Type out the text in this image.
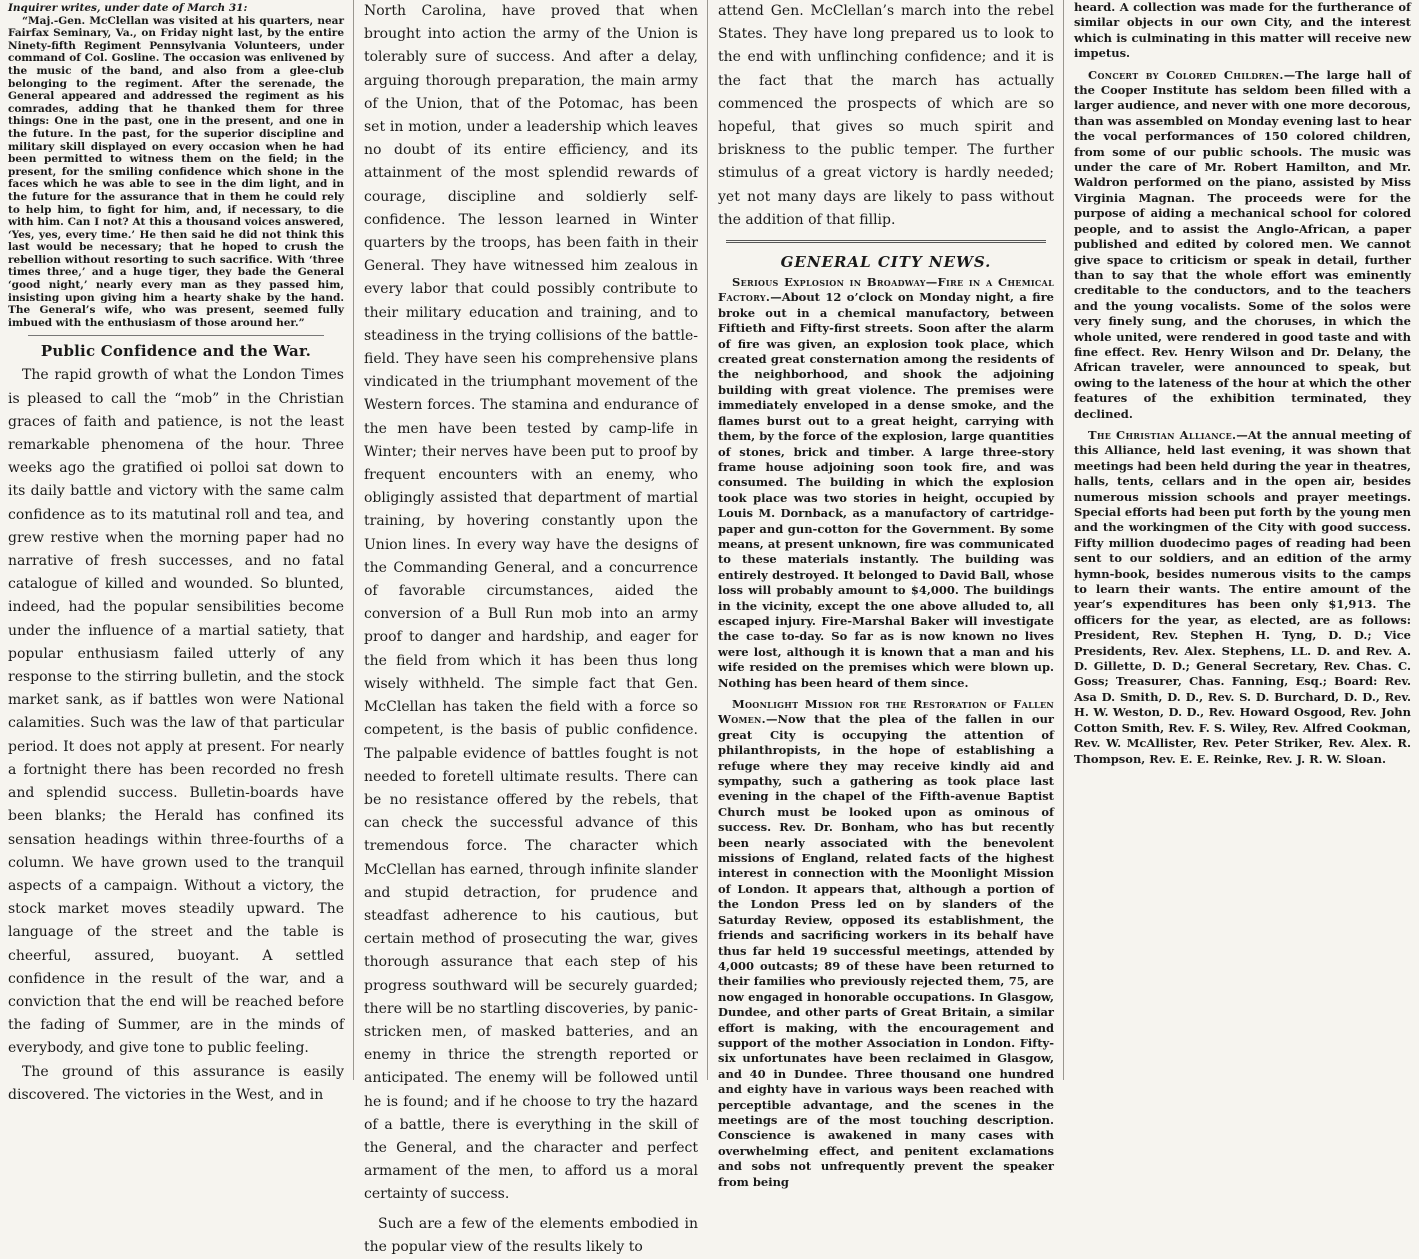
Inquirer writes, under date of March 31:

“Maj.-Gen. McClellan was visited at his quarters, near Fairfax Seminary, Va., on Friday night last, by the entire Ninety-fifth Regiment Pennsylvania Volunteers, under command of Col. Gosline. The occasion was enlivened by the music of the band, and also from a glee-club belonging to the regiment. After the serenade, the General appeared and addressed the regiment as his comrades, adding that he thanked them for three things: One in the past, one in the present, and one in the future. In the past, for the superior discipline and military skill displayed on every occasion when he had been permitted to witness them on the field; in the present, for the smiling confidence which shone in the faces which he was able to see in the dim light, and in the future for the assurance that in them he could rely to help him, to fight for him, and, if necessary, to die with him. Can I not? At this a thousand voices answered, ‘Yes, yes, every time.’ He then said he did not think this last would be necessary; that he hoped to crush the rebellion without resorting to such sacrifice. With ‘three times three,’ and a huge tiger, they bade the General ‘good night,’ nearly every man as they passed him, insisting upon giving him a hearty shake by the hand. The General’s wife, who was present, seemed fully imbued with the enthusiasm of those around her.”

Public Confidence and the War.

The rapid growth of what the London Times is pleased to call the “mob” in the Christian graces of faith and patience, is not the least remarkable phenomena of the hour. Three weeks ago the gratified oi polloi sat down to its daily battle and victory with the same calm confidence as to its matutinal roll and tea, and grew restive when the morning paper had no narrative of fresh successes, and no fatal catalogue of killed and wounded. So blunted, indeed, had the popular sensibilities become under the influence of a martial satiety, that popular enthusiasm failed utterly of any response to the stirring bulletin, and the stock market sank, as if battles won were National calamities. Such was the law of that particular period. It does not apply at present. For nearly a fortnight there has been recorded no fresh and splendid success. Bulletin-boards have been blanks; the Herald has confined its sensation headings within three-fourths of a column. We have grown used to the tranquil aspects of a campaign. Without a victory, the stock market moves steadily upward. The language of the street and the table is cheerful, assured, buoyant. A settled confidence in the result of the war, and a conviction that the end will be reached before the fading of Summer, are in the minds of everybody, and give tone to public feeling.

The ground of this assurance is easily discovered. The victories in the West, and in

North Carolina, have proved that when brought into action the army of the Union is tolerably sure of success. And after a delay, arguing thorough preparation, the main army of the Union, that of the Potomac, has been set in motion, under a leadership which leaves no doubt of its entire efficiency, and its attainment of the most splendid rewards of courage, discipline and soldierly self-confidence. The lesson learned in Winter quarters by the troops, has been faith in their General. They have witnessed him zealous in every labor that could possibly contribute to their military education and training, and to steadiness in the trying collisions of the battle-field. They have seen his comprehensive plans vindicated in the triumphant movement of the Western forces. The stamina and endurance of the men have been tested by camp-life in Winter; their nerves have been put to proof by frequent encounters with an enemy, who obligingly assisted that department of martial training, by hovering constantly upon the Union lines. In every way have the designs of the Commanding General, and a concurrence of favorable circumstances, aided the conversion of a Bull Run mob into an army proof to danger and hardship, and eager for the field from which it has been thus long wisely withheld. The simple fact that Gen. McClellan has taken the field with a force so competent, is the basis of public confidence. The palpable evidence of battles fought is not needed to foretell ultimate results. There can be no resistance offered by the rebels, that can check the successful advance of this tremendous force. The character which McClellan has earned, through infinite slander and stupid detraction, for prudence and steadfast adherence to his cautious, but certain method of prosecuting the war, gives thorough assurance that each step of his progress southward will be securely guarded; there will be no startling discoveries, by panic-stricken men, of masked batteries, and an enemy in thrice the strength reported or anticipated. The enemy will be followed until he is found; and if he choose to try the hazard of a battle, there is everything in the skill of the General, and the character and perfect armament of the men, to afford us a moral certainty of success.

Such are a few of the elements embodied in the popular view of the results likely to

attend Gen. McClellan’s march into the rebel States. They have long prepared us to look to the end with unflinching confidence; and it is the fact that the march has actually commenced the prospects of which are so hopeful, that gives so much spirit and briskness to the public temper. The further stimulus of a great victory is hardly needed; yet not many days are likely to pass without the addition of that fillip.

GENERAL CITY NEWS.

Serious Explosion in Broadway—Fire in a Chemical Factory.—About 12 o’clock on Monday night, a fire broke out in a chemical manufactory, between Fiftieth and Fifty-first streets. Soon after the alarm of fire was given, an explosion took place, which created great consternation among the residents of the neighborhood, and shook the adjoining building with great violence. The premises were immediately enveloped in a dense smoke, and the flames burst out to a great height, carrying with them, by the force of the explosion, large quantities of stones, brick and timber. A large three-story frame house adjoining soon took fire, and was consumed. The building in which the explosion took place was two stories in height, occupied by Louis M. Dornback, as a manufactory of cartridge-paper and gun-cotton for the Government. By some means, at present unknown, fire was communicated to these materials instantly. The building was entirely destroyed. It belonged to David Ball, whose loss will probably amount to $4,000. The buildings in the vicinity, except the one above alluded to, all escaped injury. Fire-Marshal Baker will investigate the case to-day. So far as is now known no lives were lost, although it is known that a man and his wife resided on the premises which were blown up. Nothing has been heard of them since.

Moonlight Mission for the Restoration of Fallen Women.—Now that the plea of the fallen in our great City is occupying the attention of philanthropists, in the hope of establishing a refuge where they may receive kindly aid and sympathy, such a gathering as took place last evening in the chapel of the Fifth-avenue Baptist Church must be looked upon as ominous of success. Rev. Dr. Bonham, who has but recently been nearly associated with the benevolent missions of England, related facts of the highest interest in connection with the Moonlight Mission of London. It appears that, although a portion of the London Press led on by slanders of the Saturday Review, opposed its establishment, the friends and sacrificing workers in its behalf have thus far held 19 successful meetings, attended by 4,000 outcasts; 89 of these have been returned to their families who previously rejected them, 75, are now engaged in honorable occupations. In Glasgow, Dundee, and other parts of Great Britain, a similar effort is making, with the encouragement and support of the mother Association in London. Fifty-six unfortunates have been reclaimed in Glasgow, and 40 in Dundee. Three thousand one hundred and eighty have in various ways been reached with perceptible advantage, and the scenes in the meetings are of the most touching description. Conscience is awakened in many cases with overwhelming effect, and penitent exclamations and sobs not unfrequently prevent the speaker from being

heard. A collection was made for the furtherance of similar objects in our own City, and the interest which is culminating in this matter will receive new impetus.

Concert by Colored Children.—The large hall of the Cooper Institute has seldom been filled with a larger audience, and never with one more decorous, than was assembled on Monday evening last to hear the vocal performances of 150 colored children, from some of our public schools. The music was under the care of Mr. Robert Hamilton, and Mr. Waldron performed on the piano, assisted by Miss Virginia Magnan. The proceeds were for the purpose of aiding a mechanical school for colored people, and to assist the Anglo-African, a paper published and edited by colored men. We cannot give space to criticism or speak in detail, further than to say that the whole effort was eminently creditable to the conductors, and to the teachers and the young vocalists. Some of the solos were very finely sung, and the choruses, in which the whole united, were rendered in good taste and with fine effect. Rev. Henry Wilson and Dr. Delany, the African traveler, were announced to speak, but owing to the lateness of the hour at which the other features of the exhibition terminated, they declined.

The Christian Alliance.—At the annual meeting of this Alliance, held last evening, it was shown that meetings had been held during the year in theatres, halls, tents, cellars and in the open air, besides numerous mission schools and prayer meetings. Special efforts had been put forth by the young men and the workingmen of the City with good success. Fifty million duodecimo pages of reading had been sent to our soldiers, and an edition of the army hymn-book, besides numerous visits to the camps to learn their wants. The entire amount of the year’s expenditures has been only $1,913. The officers for the year, as elected, are as follows: President, Rev. Stephen H. Tyng, D. D.; Vice Presidents, Rev. Alex. Stephens, LL. D. and Rev. A. D. Gillette, D. D.; General Secretary, Rev. Chas. C. Goss; Treasurer, Chas. Fanning, Esq.; Board: Rev. Asa D. Smith, D. D., Rev. S. D. Burchard, D. D., Rev. H. W. Weston, D. D., Rev. Howard Osgood, Rev. John Cotton Smith, Rev. F. S. Wiley, Rev. Alfred Cookman, Rev. W. McAllister, Rev. Peter Striker, Rev. Alex. R. Thompson, Rev. E. E. Reinke, Rev. J. R. W. Sloan.
